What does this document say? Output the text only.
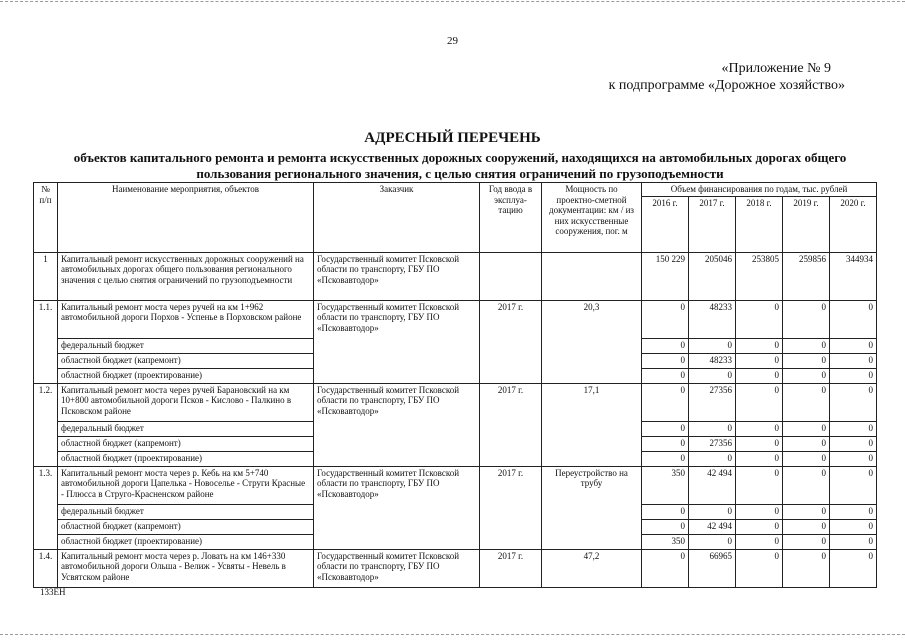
29
«Приложение № 9
к подпрограмме «Дорожное хозяйство»
АДРЕСНЫЙ ПЕРЕЧЕНЬ
объектов капитального ремонта и ремонта искусственных дорожных сооружений, находящихся на автомобильных дорогах общего пользования регионального значения, с целью снятия ограничений по грузоподъемности
№ п/п	Наименование мероприятия, объектов	Заказчик	Год ввода в эксплуа-тацию	Мощность по проектно-сметной документации: км / из них искусственные сооружения, пог. м	Объем финансирования по годам, тыс. рублей				
					2016 г.	2017 г.	2018 г.	2019 г.	2020 г.
1	Капитальный ремонт искусственных дорожных сооружений на автомобильных дорогах общего пользования регионального значения с целью снятия ограничений по грузоподъемности	Государственный комитет Псковской области по транспорту, ГБУ ПО «Псковавтодор»			150 229	205046	253805	259856	344934
1.1.	Капитальный ремонт моста через ручей на км 1+962 автомобильной дороги Порхов - Успенье в Порховском районе	Государственный комитет Псковской области по транспорту, ГБУ ПО «Псковавтодор»	2017 г.	20,3	0	48233	0	0	0
	федеральный бюджет				0	0	0	0	0
	областной бюджет (капремонт)				0	48233	0	0	0
	областной бюджет (проектирование)				0	0	0	0	0
1.2.	Капитальный ремонт моста через ручей Барановский на км 10+800 автомобильной дороги Псков - Кислово - Палкино в Псковском районе	Государственный комитет Псковской области по транспорту, ГБУ ПО «Псковавтодор»	2017 г.	17,1	0	27356	0	0	0
	федеральный бюджет				0	0	0	0	0
	областной бюджет (капремонт)				0	27356	0	0	0
	областной бюджет (проектирование)				0	0	0	0	0
1.3.	Капитальный ремонт моста через р. Кебь на км 5+740 автомобильной дороги Цапелька - Новоселье - Струги Красные - Плюсса в Струго-Красненском районе	Государственный комитет Псковской области по транспорту, ГБУ ПО «Псковавтодор»	2017 г.	Переустройство на трубу	350	42 494	0	0	0
	федеральный бюджет				0	0	0	0	0
	областной бюджет (капремонт)				0	42 494	0	0	0
	областной бюджет (проектирование)				350	0	0	0	0
1.4.	Капитальный ремонт моста через р. Ловать на км 146+330 автомобильной дороги Ольша - Велиж - Усвяты - Невель в Усвятском районе	Государственный комитет Псковской области по транспорту, ГБУ ПО «Псковавтодор»	2017 г.	47,2	0	66965	0	0	0
133ЕН
